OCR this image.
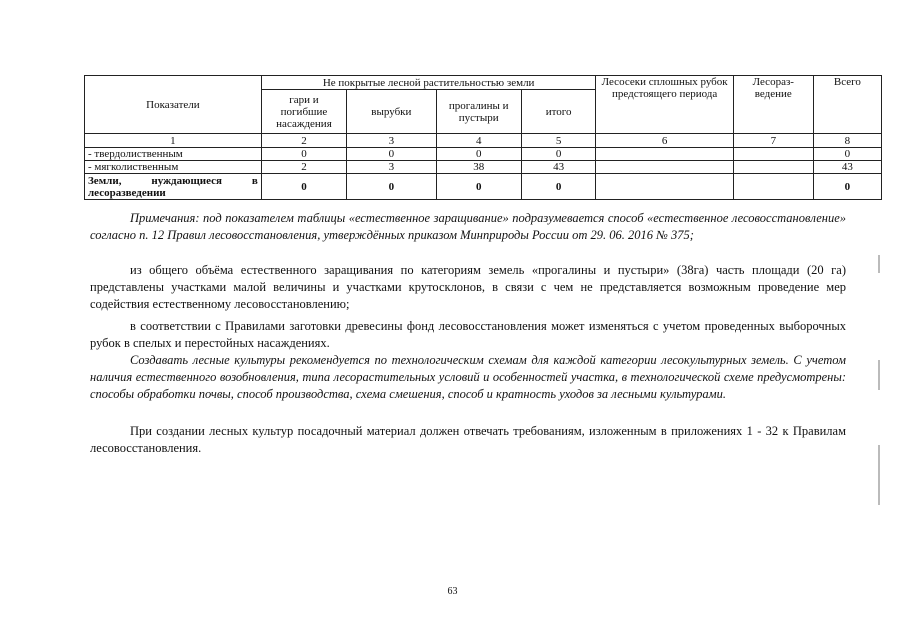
Показатели	Не покрытые лесной растительностью земли				Лесосеки сплошных рубок предстоящего периода	Лесораз-ведение	Всего
	гари и погибшие насаждения	вырубки	прогалины и пустыри	итого			
1	2	3	4	5	6	7	8
- твердолиственным	0	0	0	0			0
- мягколиственным	2	3	38	43			43
Земли, нуждающиеся в лесоразведении	0	0	0	0			0

Примечания: под показателем таблицы «естественное заращивание» подразумевается способ «естественное лесовосстановление» согласно п. 12 Правил лесовосстановления, утверждённых приказом Минприроды России от 29. 06. 2016 № 375;

из общего объёма естественного заращивания по категориям земель «прогалины и пустыри» (38га) часть площади (20 га) представлены участками малой величины и участками крутосклонов, в связи с чем не представляется возможным проведение мер содействия естественному лесовосстановлению;

в соответствии с Правилами заготовки древесины фонд лесовосстановления может изменяться с учетом проведенных выборочных рубок в спелых и перестойных насаждениях.

Создавать лесные культуры рекомендуется по технологическим схемам для каждой категории лесокультурных земель. С учетом наличия естественного возобновления, типа лесорастительных условий и особенностей участка, в технологической схеме предусмотрены: способы обработки почвы, способ производства, схема смешения, способ и кратность уходов за лесными культурами.

При создании лесных культур посадочный материал должен отвечать требованиям, изложенным в приложениях 1 - 32 к Правилам лесовосстановления.

63
